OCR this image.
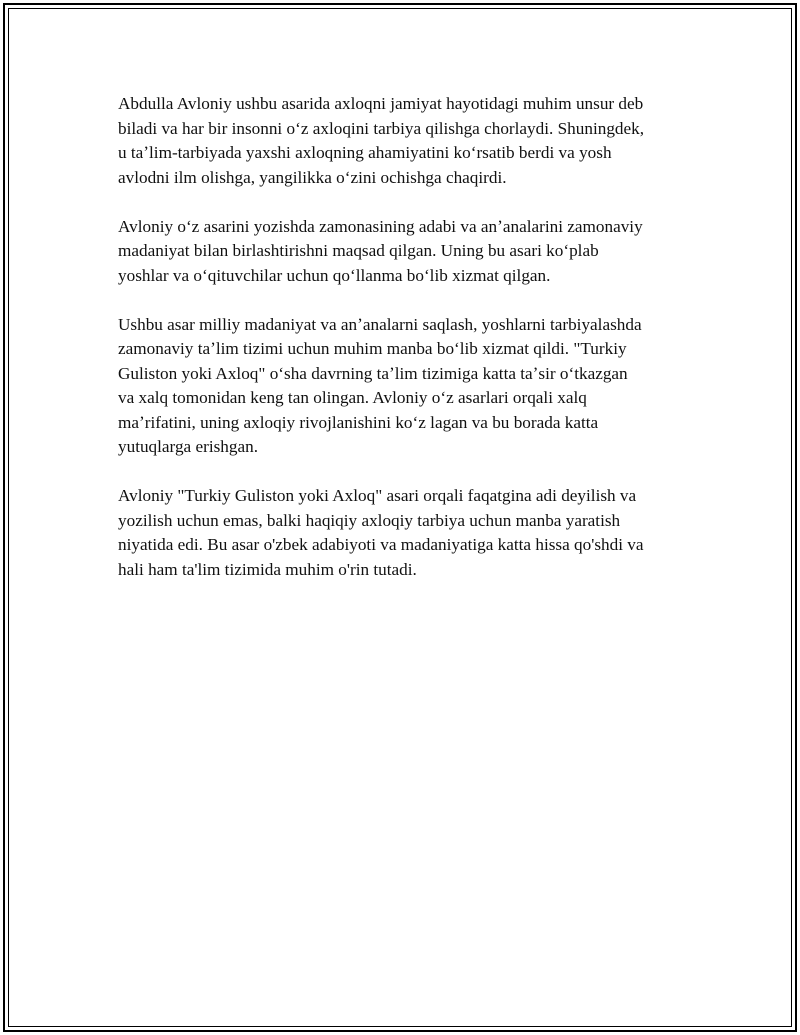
Abdulla Avloniy ushbu asarida axloqni jamiyat hayotidagi muhim unsur deb
biladi va har bir insonni oʻz axloqini tarbiya qilishga chorlaydi. Shuningdek,
u taʼlim-tarbiyada yaxshi axloqning ahamiyatini koʻrsatib berdi va yosh
avlodni ilm olishga, yangilikka oʻzini ochishga chaqirdi.

Avloniy oʻz asarini yozishda zamonasining adabi va anʼanalarini zamonaviy
madaniyat bilan birlashtirishni maqsad qilgan. Uning bu asari koʻplab
yoshlar va oʻqituvchilar uchun qoʻllanma boʻlib xizmat qilgan.

Ushbu asar milliy madaniyat va anʼanalarni saqlash, yoshlarni tarbiyalashda
zamonaviy taʼlim tizimi uchun muhim manba boʻlib xizmat qildi. "Turkiy
Guliston yoki Axloq" oʻsha davrning taʼlim tizimiga katta taʼsir oʻtkazgan
va xalq tomonidan keng tan olingan. Avloniy oʻz asarlari orqali xalq
maʼrifatini, uning axloqiy rivojlanishini koʻz lagan va bu borada katta
yutuqlarga erishgan.

Avloniy "Turkiy Guliston yoki Axloq" asari orqali faqatgina adi deyilish va
yozilish uchun emas, balki haqiqiy axloqiy tarbiya uchun manba yaratish
niyatida edi. Bu asar o'zbek adabiyoti va madaniyatiga katta hissa qo'shdi va
hali ham ta'lim tizimida muhim o'rin tutadi.
